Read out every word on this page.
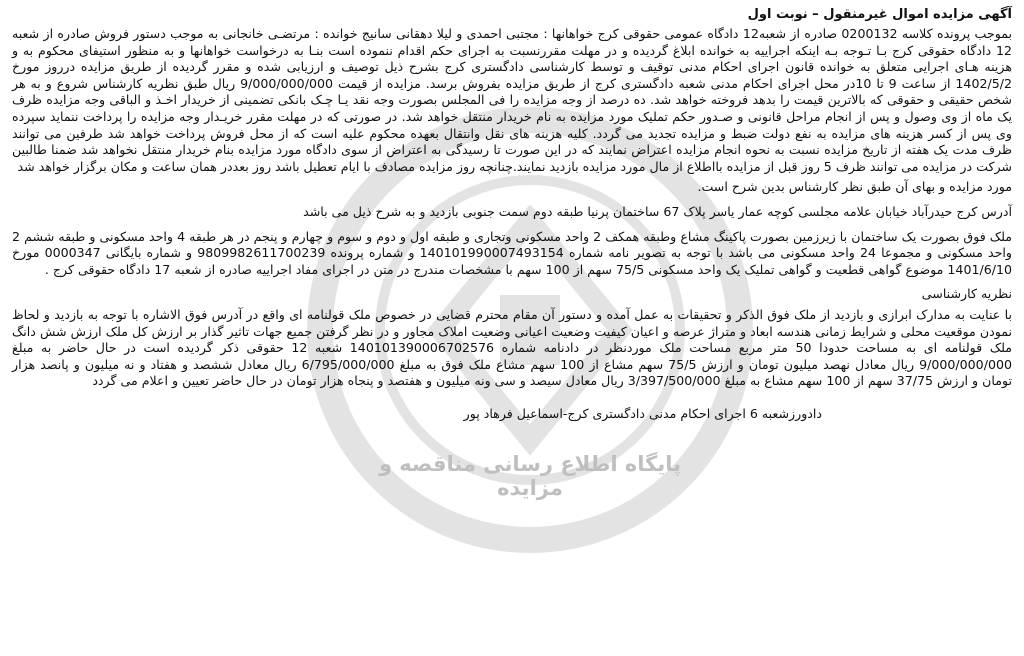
پایگاه اطلاع رسانی مناقصه و مزایده

آگهی مزایده اموال غیرمنقول – نوبت اول

بموجب پرونده کلاسه 0200132 صادره از شعبه12 دادگاه عمومی حقوقی کرج خواهانها : مجتبی احمدی و لیلا دهقانی سانیج خوانده : مرتضـی خانجانی به موجب دستور فروش صادره از شعبه 12 دادگاه حقوقی کرج بـا تـوجه بـه اینکه اجراییه به خوانده ابلاغ گردیده و در مهلت مقررنسبت به اجرای حکم اقدام ننموده است بنـا به درخواست خواهانها و به منظور استیفای محکوم به و هزینه هـای اجرایی متعلق به خوانده قانون اجرای احکام مدنی توقیف و توسط کارشناسی دادگستری کرج بشرح ذیل توصیف و ارزیابی شده و مقرر گردیده از طریق مزایده درروز مورخ 1402/5/2 از ساعت 9 تا 10در محل اجرای احکام مدنی شعبه دادگستری کرج از طریق مزایده بفروش برسد. مزایده از قیمت 9/000/000/000 ریال طبق نظریه کارشناس شروع و به هر شخص حقیقی و حقوقی که بالاترین قیمت را بدهد فروخته خواهد شد. ده درصد از وجه مزایده را فی المجلس بصورت وجه نقد یـا چـک بانکی تضمینی از خریدار اخـذ و الباقی وجه مزایده ظرف یک ماه از وی وصول و پس از انجام مراحل قانونی و صـدور حکم تملیک مورد مزایده به نام خریدار منتقل خواهد شد. در صورتی که در مهلت مقرر خریـدار وجه مزایده را پرداخت ننماید سپرده وی پس از کسر هزینه های مزایده به نفع دولت ضبط و مزایده تجدید می گردد. کلیه هزینه های نقل وانتقال بعهده محکوم علیه است که از محل فروش پرداخت خواهد شد طرفین می توانند ظرف مدت یک هفته از تاریخ مزایده نسبت به نحوه انجام مزایده اعتراض نمایند که در این صورت تا رسیدگی به اعتراض از سوی دادگاه مورد مزایده بنام خریدار منتقل نخواهد شد ضمنا طالبین شرکت در مزایده می توانند ظرف 5 روز قبل از مزایده بااطلاع از مال مورد مزایده بازدید نمایند.چنانچه روز مزایده مصادف با ایام تعطیل باشد روز بعددر همان ساعت و مکان برگزار خواهد شد

مورد مزایده و بهای آن طبق نظر کارشناس بدین شرح است.

آدرس کرج حیدرآباد خیابان علامه مجلسی کوچه عمار یاسر پلاک 67 ساختمان پرنیا طبقه دوم سمت جنوبی بازدید و به شرح ذیل می باشد

ملک فوق بصورت یک ساختمان با زیرزمین بصورت پاکینگ مشاع وطبقه همکف 2 واحد مسکونی وتجاری و طبقه اول و دوم و سوم و چهارم و پنجم در هر طبقه 4 واحد مسکونی و طبقه ششم 2 واحد مسکونی و مجموعا 24 واحد مسکونی می باشد با توجه به تصویر نامه شماره 140101990007493154 و شماره پرونده 9809982611700239 و شماره بایگانی 0000347 مورخ 1401/6/10 موضوع گواهی قطعیت و گواهی تملیک یک واحد مسکونی 75/5 سهم از 100 سهم با مشخصات مندرج در متن در اجرای مفاد اجراییه صادره از شعبه 17 دادگاه حقوقی کرج .

نظریه کارشناسی

با عنایت به مدارک ابرازی و بازدید از ملک فوق الذکر و تحقیقات به عمل آمده و دستور آن مقام محترم قضایی در خصوص ملک قولنامه ای واقع در آدرس فوق الاشاره با توجه به بازدید و لحاظ نمودن موقعیت محلی و شرایط زمانی هندسه ابعاد و متراژ عرصه و اعیان کیفیت وضعیت اعیانی وضعیت املاک مجاور و در نظر گرفتن جمیع جهات تاثیر گذار بر ارزش کل ملک ارزش شش دانگ ملک قولنامه ای به مساحت حدودا 50 متر مربع مساحت ملک موردنظر در دادنامه شماره 140101390006702576 شعبه 12 حقوقی ذکر گردیده است در حال حاضر به مبلغ 9/000/000/000 ریال معادل نهصد میلیون تومان و ارزش 75/5 سهم مشاع از 100 سهم مشاع ملک فوق به مبلغ 6/795/000/000 ریال معادل ششصد و هفتاد و نه میلیون و پانصد هزار تومان و ارزش 37/75 سهم از 100 سهم مشاع به مبلغ 3/397/500/000 ریال معادل سیصد و سی ونه میلیون و هفتصد و پنجاه هزار تومان در حال حاضر تعیین و اعلام می گردد

دادورزشعبه 6 اجرای احکام مدنی دادگستری کرج-اسماعیل فرهاد پور
